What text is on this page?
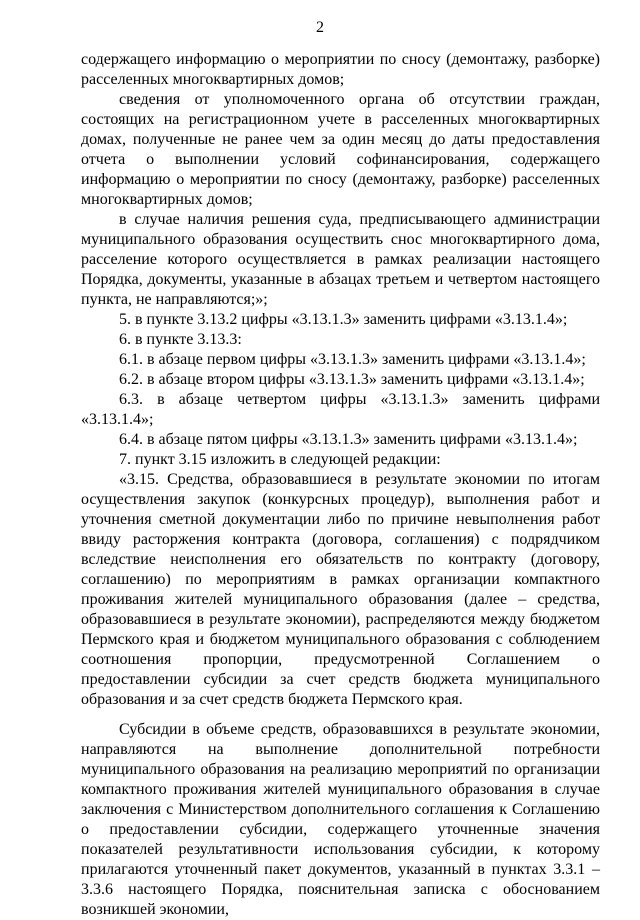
2

содержащего информацию о мероприятии по сносу (демонтажу, разборке) расселенных многоквартирных домов;

сведения от уполномоченного органа об отсутствии граждан, состоящих на регистрационном учете в расселенных многоквартирных домах, полученные не ранее чем за один месяц до даты предоставления отчета о выполнении условий софинансирования, содержащего информацию о мероприятии по сносу (демонтажу, разборке) расселенных многоквартирных домов;

в случае наличия решения суда, предписывающего администрации муниципального образования осуществить снос многоквартирного дома, расселение которого осуществляется в рамках реализации настоящего Порядка, документы, указанные в абзацах третьем и четвертом настоящего пункта, не направляются;»;

5. в пункте 3.13.2 цифры «3.13.1.3» заменить цифрами «3.13.1.4»;

6. в пункте 3.13.3:

6.1. в абзаце первом цифры «3.13.1.3» заменить цифрами «3.13.1.4»;

6.2. в абзаце втором цифры «3.13.1.3» заменить цифрами «3.13.1.4»;

6.3. в абзаце четвертом цифры «3.13.1.3» заменить цифрами «3.13.1.4»;

6.4. в абзаце пятом цифры «3.13.1.3» заменить цифрами «3.13.1.4»;

7. пункт 3.15 изложить в следующей редакции:

«3.15. Средства, образовавшиеся в результате экономии по итогам осуществления закупок (конкурсных процедур), выполнения работ и уточнения сметной документации либо по причине невыполнения работ ввиду расторжения контракта (договора, соглашения) с подрядчиком вследствие неисполнения его обязательств по контракту (договору, соглашению) по мероприятиям в рамках организации компактного проживания жителей муниципального образования (далее – средства, образовавшиеся в результате экономии), распределяются между бюджетом Пермского края и бюджетом муниципального образования с соблюдением соотношения пропорции, предусмотренной Соглашением о предоставлении субсидии за счет средств бюджета муниципального образования и за счет средств бюджета Пермского края.

Субсидии в объеме средств, образовавшихся в результате экономии, направляются на выполнение дополнительной потребности муниципального образования на реализацию мероприятий по организации компактного проживания жителей муниципального образования в случае заключения с Министерством дополнительного соглашения к Соглашению о предоставлении субсидии, содержащего уточненные значения показателей результативности использования субсидии, к которому прилагаются уточненный пакет документов, указанный в пунктах 3.3.1 – 3.3.6 настоящего Порядка, пояснительная записка с обоснованием возникшей экономии,
